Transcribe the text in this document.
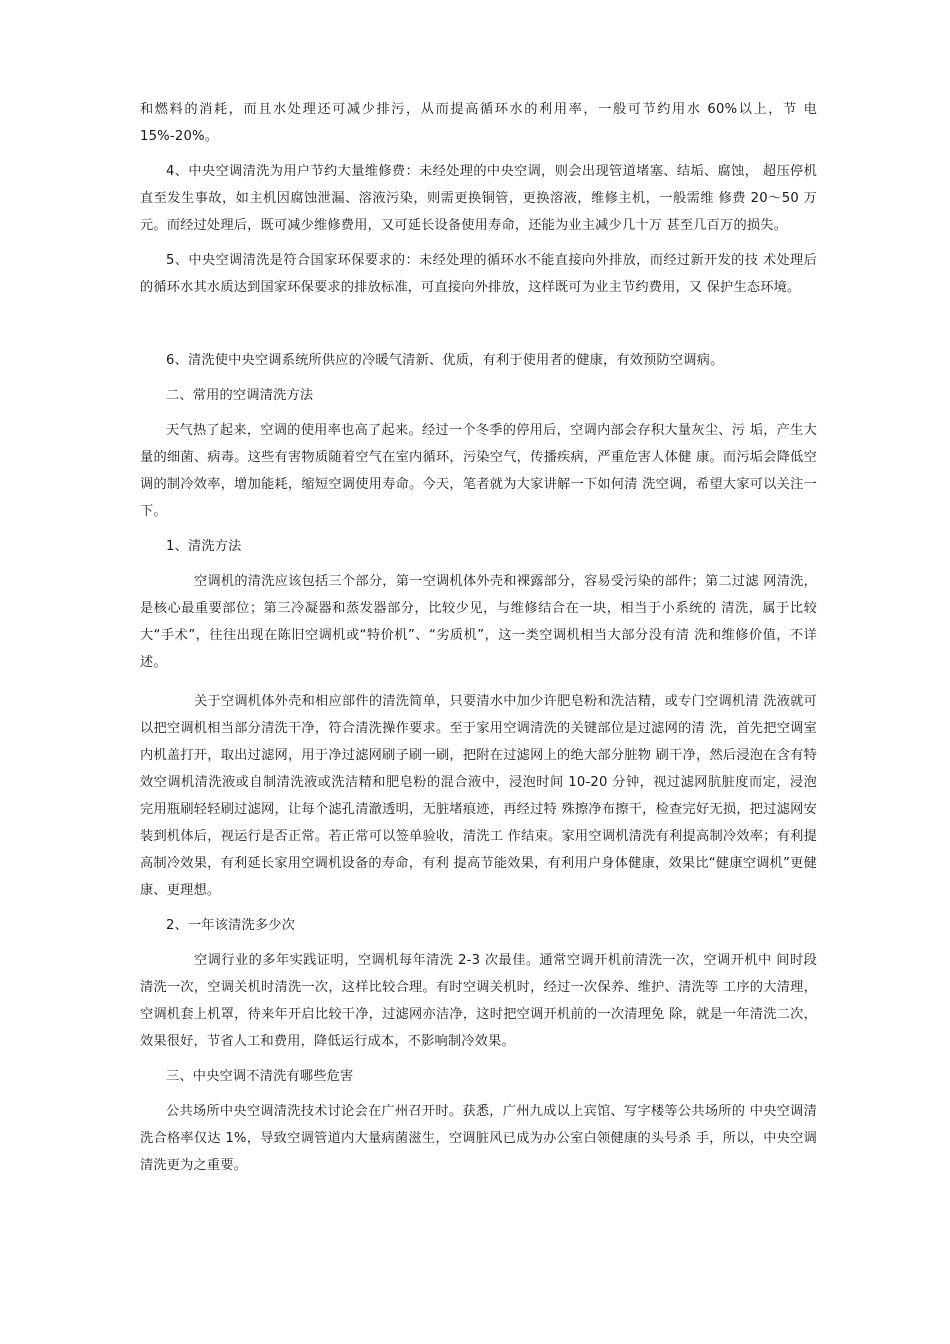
和燃料的消耗，而且水处理还可减少排污，从而提高循环水的利用率，一般可节约用水 60%以上，节 电 15%-20%。

4、中央空调清洗为用户节约大量维修费：未经处理的中央空调，则会出现管道堵塞、结垢、腐蚀， 超压停机直至发生事故，如主机因腐蚀泄漏、溶液污染，则需更换铜管，更换溶液，维修主机，一般需维 修费 20～50 万元。而经过处理后，既可减少维修费用，又可延长设备使用寿命，还能为业主减少几十万 甚至几百万的损失。

5、中央空调清洗是符合国家环保要求的：未经处理的循环水不能直接向外排放，而经过新开发的技 术处理后的循环水其水质达到国家环保要求的排放标准，可直接向外排放，这样既可为业主节约费用，又 保护生态环境。

6、清洗使中央空调系统所供应的冷暖气清新、优质，有利于使用者的健康，有效预防空调病。

二、常用的空调清洗方法

天气热了起来，空调的使用率也高了起来。经过一个冬季的停用后，空调内部会存积大量灰尘、污 垢，产生大量的细菌、病毒。这些有害物质随着空气在室内循环，污染空气，传播疾病，严重危害人体健 康。而污垢会降低空调的制冷效率，增加能耗，缩短空调使用寿命。今天，笔者就为大家讲解一下如何清 洗空调，希望大家可以关注一下。

1、清洗方法

空调机的清洗应该包括三个部分，第一空调机体外壳和裸露部分，容易受污染的部件；第二过滤 网清洗，是核心最重要部位；第三冷凝器和蒸发器部分，比较少见，与维修结合在一块，相当于小系统的 清洗，属于比较大“手术”，往往出现在陈旧空调机或“特价机”、“劣质机”，这一类空调机相当大部分没有清 洗和维修价值，不详述。

关于空调机体外壳和相应部件的清洗简单，只要清水中加少许肥皂粉和洗洁精，或专门空调机清 洗液就可以把空调机相当部分清洗干净，符合清洗操作要求。至于家用空调清洗的关键部位是过滤网的清 洗，首先把空调室内机盖打开，取出过滤网，用于净过滤网刷子刷一刷，把附在过滤网上的绝大部分脏物 刷干净，然后浸泡在含有特效空调机清洗液或自制清洗液或洗洁精和肥皂粉的混合液中，浸泡时间 10-20 分钟，视过滤网肮脏度而定，浸泡完用瓶刷轻轻刷过滤网，让每个滤孔清澈透明，无脏堵痕迹，再经过特 殊擦净布擦干，检查完好无损，把过滤网安装到机体后，视运行是否正常。若正常可以签单验收，清洗工 作结束。家用空调机清洗有利提高制冷效率；有利提高制冷效果，有利延长家用空调机设备的寿命，有利 提高节能效果，有利用户身体健康，效果比“健康空调机”更健康、更理想。

2、一年该清洗多少次

空调行业的多年实践证明，空调机每年清洗 2-3 次最佳。通常空调开机前清洗一次，空调开机中 间时段清洗一次，空调关机时清洗一次，这样比较合理。有时空调关机时，经过一次保养、维护、清洗等 工序的大清理，空调机套上机罩，待来年开启比较干净，过滤网亦洁净，这时把空调开机前的一次清理免 除，就是一年清洗二次，效果很好，节省人工和费用，降低运行成本，不影响制冷效果。

三、中央空调不清洗有哪些危害

公共场所中央空调清洗技术讨论会在广州召开时。获悉，广州九成以上宾馆、写字楼等公共场所的 中央空调清洗合格率仅达 1%，导致空调管道内大量病菌滋生，空调脏风已成为办公室白领健康的头号杀 手，所以，中央空调清洗更为之重要。
